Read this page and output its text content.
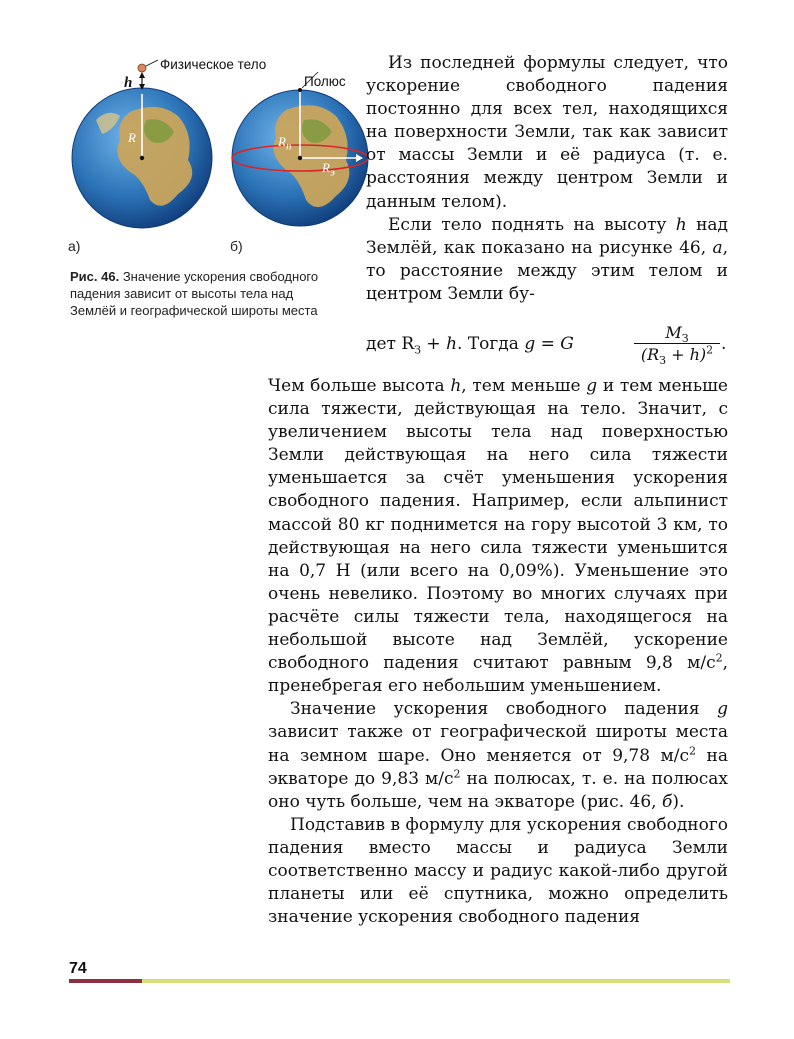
Физическое тело
h
R
Полюс
$R_п$
$R_э$
а)	б)
Рис. 46. Значение ускорения свободного падения зависит от высоты тела над Землёй и географической широты места

Из последней формулы следует, что ускорение свободного падения постоянно для всех тел, находящихся на поверхности Земли, так как зависит от массы Земли и её радиуса (т. е. расстояния между центром Земли и данным телом).

Если тело поднять на высоту h над Землёй, как показано на рисунке 46, а, то расстояние между этим телом и центром Земли бу-

дет $R_З + h$. Тогда g = G
$M_З$
$(R_З + h)^2$ .

Чем больше высота h, тем меньше g и тем меньше сила тяжести, действующая на тело. Значит, с увеличением высоты тела над поверхностью Земли действующая на него сила тяжести уменьшается за счёт уменьшения ускорения свободного падения. Например, если альпинист массой 80 кг поднимется на гору высотой 3 км, то действующая на него сила тяжести уменьшится на 0,7 Н (или всего на 0,09%). Уменьшение это очень невелико. Поэтому во многих случаях при расчёте силы тяжести тела, находящегося на небольшой высоте над Землёй, ускорение свободного падения считают равным 9,8 $м/с^2$, пренебрегая его небольшим уменьшением.

Значение ускорения свободного падения g зависит также от географической широты места на земном шаре. Оно меняется от 9,78 $м/с^2$ на экваторе до 9,83 $м/с^2$ на полюсах, т. е. на полюсах оно чуть больше, чем на экваторе (рис. 46, б).

Подставив в формулу для ускорения свободного падения вместо массы и радиуса Земли соответственно массу и радиус какой-либо другой планеты или её спутника, можно определить значение ускорения свободного падения

74
